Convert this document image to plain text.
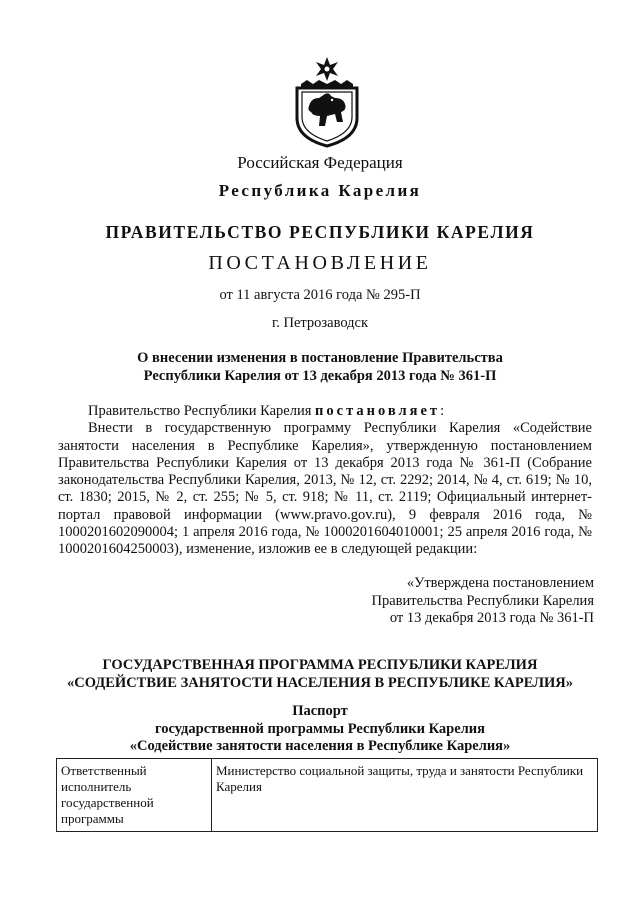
Российская Федерация
Республика Карелия
ПРАВИТЕЛЬСТВО РЕСПУБЛИКИ КАРЕЛИЯ
ПОСТАНОВЛЕНИЕ
от 11 августа 2016 года № 295-П
г. Петрозаводск
О внесении изменения в постановление Правительства
Республики Карелия от 13 декабря 2013 года № 361-П

Правительство Республики Карелия постановляет:

Внести в государственную программу Республики Карелия «Содействие занятости населения в Республике Карелия», утвержденную постановлением Правительства Республики Карелия от 13 декабря 2013 года № 361-П (Собрание законодательства Республики Карелия, 2013, № 12, ст. 2292; 2014, № 4, ст. 619; № 10, ст. 1830; 2015, № 2, ст. 255; № 5, ст. 918; № 11, ст. 2119; Официальный интернет-портал правовой информации (www.pravo.gov.ru), 9 февраля 2016 года, № 1000201602090004; 1 апреля 2016 года, № 1000201604010001; 25 апреля 2016 года, № 1000201604250003), изменение, изложив ее в следующей редакции:

«Утверждена постановлением
Правительства Республики Карелия
от 13 декабря 2013 года № 361-П
ГОСУДАРСТВЕННАЯ ПРОГРАММА РЕСПУБЛИКИ КАРЕЛИЯ
«СОДЕЙСТВИЕ ЗАНЯТОСТИ НАСЕЛЕНИЯ В РЕСПУБЛИКЕ КАРЕЛИЯ»
Паспорт
государственной программы Республики Карелия
«Содействие занятости населения в Республике Карелия»
Ответственный исполнитель государственной программы	Министерство социальной защиты, труда и занятости Республики Карелия
